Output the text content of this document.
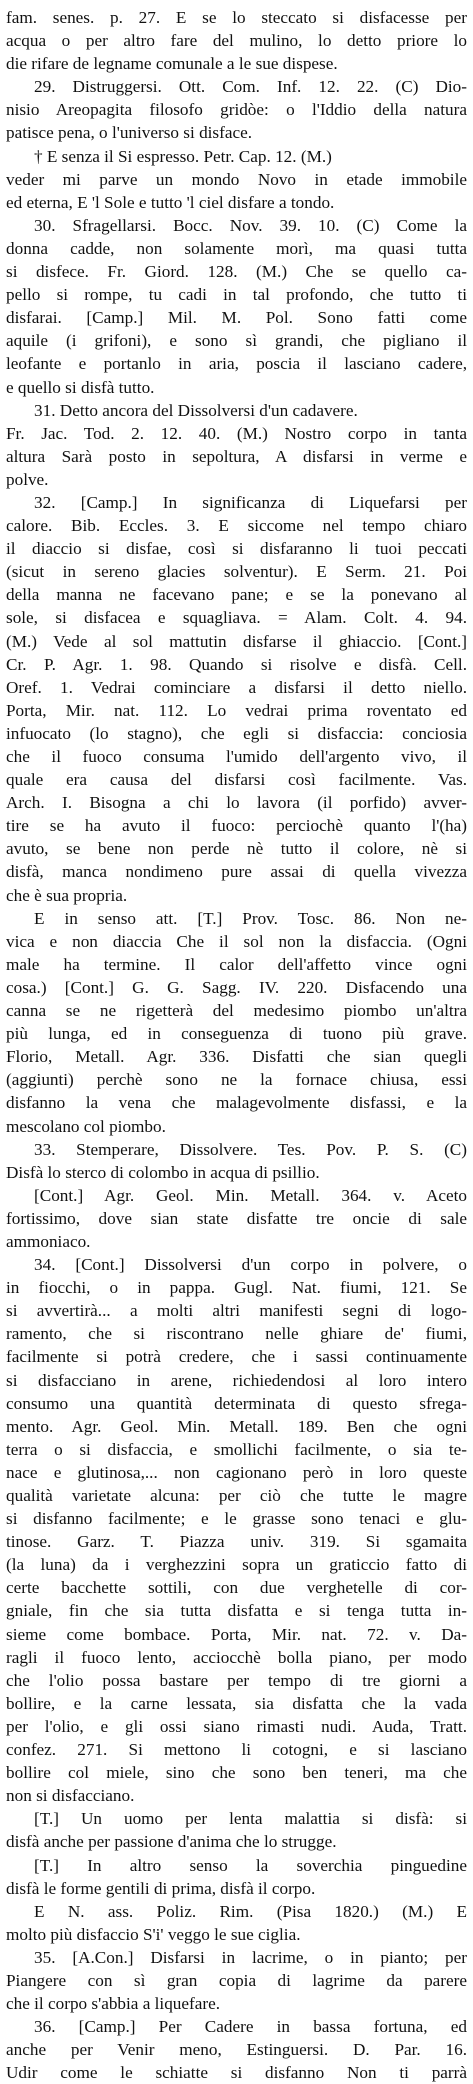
fam. senes. p. 27. E se lo steccato si disfacesse per
acqua o per altro fare del mulino, lo detto priore lo
die rifare de legname comunale a le sue dispese.
29. Distruggersi. Ott. Com. Inf. 12. 22. (C) Dio-
nisio Areopagita filosofo gridòe: o l'Iddio della natura
patisce pena, o l'universo si disface.
† E senza il Si espresso. Petr. Cap. 12. (M.)
veder mi parve un mondo Novo in etade immobile
ed eterna, E 'l Sole e tutto 'l ciel disfare a tondo.
30. Sfragellarsi. Bocc. Nov. 39. 10. (C) Come la
donna cadde, non solamente morì, ma quasi tutta
si disfece. Fr. Giord. 128. (M.) Che se quello ca-
pello si rompe, tu cadi in tal profondo, che tutto ti
disfarai. [Camp.] Mil. M. Pol. Sono fatti come
aquile (i grifoni), e sono sì grandi, che pigliano il
leofante e portanlo in aria, poscia il lasciano cadere,
e quello si disfà tutto.
31. Detto ancora del Dissolversi d'un cadavere.
Fr. Jac. Tod. 2. 12. 40. (M.) Nostro corpo in tanta
altura Sarà posto in sepoltura, A disfarsi in verme e
polve.
32. [Camp.] In significanza di Liquefarsi per
calore. Bib. Eccles. 3. E siccome nel tempo chiaro
il diaccio si disfae, così si disfaranno li tuoi peccati
(sicut in sereno glacies solventur). E Serm. 21. Poi
della manna ne facevano pane; e se la ponevano al
sole, si disfacea e squagliava. = Alam. Colt. 4. 94.
(M.) Vede al sol mattutin disfarse il ghiaccio. [Cont.]
Cr. P. Agr. 1. 98. Quando si risolve e disfà. Cell.
Oref. 1. Vedrai cominciare a disfarsi il detto niello.
Porta, Mir. nat. 112. Lo vedrai prima roventato ed
infuocato (lo stagno), che egli si disfaccia: conciosia
che il fuoco consuma l'umido dell'argento vivo, il
quale era causa del disfarsi così facilmente. Vas.
Arch. I. Bisogna a chi lo lavora (il porfido) avver-
tire se ha avuto il fuoco: perciochè quanto l'(ha)
avuto, se bene non perde nè tutto il colore, nè si
disfà, manca nondimeno pure assai di quella vivezza
che è sua propria.
E in senso att. [T.] Prov. Tosc. 86. Non ne-
vica e non diaccia Che il sol non la disfaccia. (Ogni
male ha termine. Il calor dell'affetto vince ogni
cosa.) [Cont.] G. G. Sagg. IV. 220. Disfacendo una
canna se ne rigetterà del medesimo piombo un'altra
più lunga, ed in conseguenza di tuono più grave.
Florio, Metall. Agr. 336. Disfatti che sian quegli
(aggiunti) perchè sono ne la fornace chiusa, essi
disfanno la vena che malagevolmente disfassi, e la
mescolano col piombo.
33. Stemperare, Dissolvere. Tes. Pov. P. S. (C)
Disfà lo sterco di colombo in acqua di psillio.
[Cont.] Agr. Geol. Min. Metall. 364. v. Aceto
fortissimo, dove sian state disfatte tre oncie di sale
ammoniaco.
34. [Cont.] Dissolversi d'un corpo in polvere, o
in fiocchi, o in pappa. Gugl. Nat. fiumi, 121. Se
si avvertirà... a molti altri manifesti segni di logo-
ramento, che si riscontrano nelle ghiare de' fiumi,
facilmente si potrà credere, che i sassi continuamente
si disfacciano in arene, richiedendosi al loro intero
consumo una quantità determinata di questo sfrega-
mento. Agr. Geol. Min. Metall. 189. Ben che ogni
terra o si disfaccia, e smollichi facilmente, o sia te-
nace e glutinosa,... non cagionano però in loro queste
qualità varietate alcuna: per ciò che tutte le magre
si disfanno facilmente; e le grasse sono tenaci e glu-
tinose. Garz. T. Piazza univ. 319. Si sgamaita
(la luna) da i verghezzini sopra un graticcio fatto di
certe bacchette sottili, con due verghetelle di cor-
gniale, fin che sia tutta disfatta e si tenga tutta in-
sieme come bombace. Porta, Mir. nat. 72. v. Da-
ragli il fuoco lento, acciocchè bolla piano, per modo
che l'olio possa bastare per tempo di tre giorni a
bollire, e la carne lessata, sia disfatta che la vada
per l'olio, e gli ossi siano rimasti nudi. Auda, Tratt.
confez. 271. Si mettono li cotogni, e si lasciano
bollire col miele, sino che sono ben teneri, ma che
non si disfacciano.
[T.] Un uomo per lenta malattia si disfà: si
disfà anche per passione d'anima che lo strugge.
[T.] In altro senso la soverchia pinguedine
disfà le forme gentili di prima, disfà il corpo.
E N. ass. Poliz. Rim. (Pisa 1820.) (M.) E
molto più disfaccio S'i' veggo le sue ciglia.
35. [A.Con.] Disfarsi in lacrime, o in pianto; per
Piangere con sì gran copia di lagrime da parere
che il corpo s'abbia a liquefare.
36. [Camp.] Per Cadere in bassa fortuna, ed
anche per Venir meno, Estinguersi. D. Par. 16.
Udir come le schiatte si disfanno Non ti parrà
